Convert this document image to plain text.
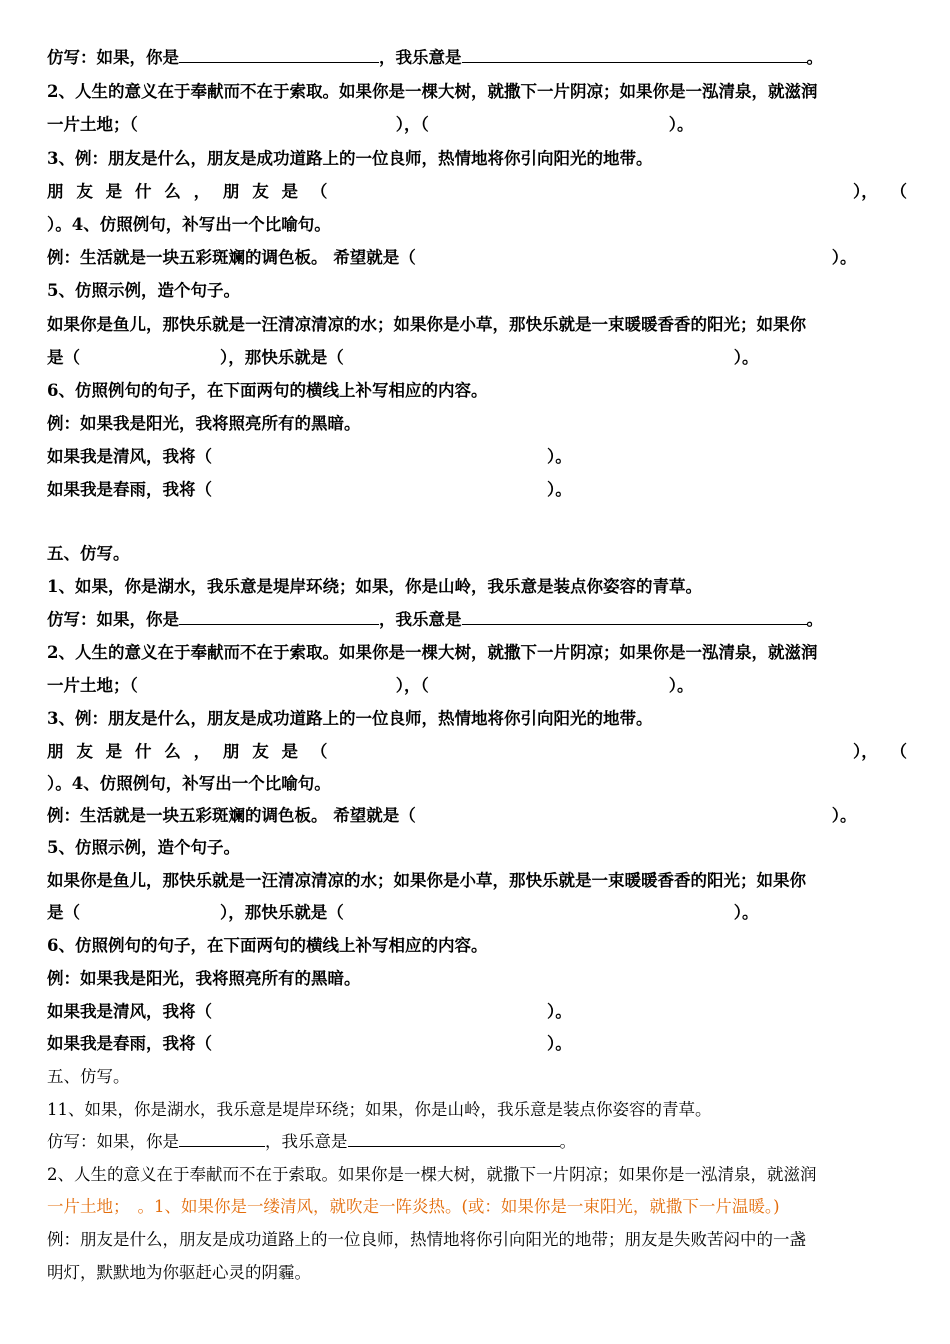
仿写：如果，你是	，我乐意是	。
2、人生的意义在于奉献而不在于索取。如果你是一棵大树，就撒下一片阴凉；如果你是一泓清泉，就滋润
一片土地；（	），（	）。
3、例：朋友是什么，朋友是成功道路上的一位良师，热情地将你引向阳光的地带。
朋 友 是 什 么 ， 朋 友 是 （	）， （
）。4、仿照例句，补写出一个比喻句。
例：生活就是一块五彩斑斓的调色板。 希望就是（	）。
5、仿照示例，造个句子。
如果你是鱼儿，那快乐就是一汪清凉清凉的水；如果你是小草，那快乐就是一束暖暖香香的阳光；如果你
是（	），那快乐就是（	）。
6、仿照例句的句子，在下面两句的横线上补写相应的内容。
例：如果我是阳光，我将照亮所有的黑暗。
如果我是清风，我将（	）。
如果我是春雨，我将（	）。
五、仿写。
1、如果，你是湖水，我乐意是堤岸环绕；如果，你是山岭，我乐意是装点你姿容的青草。
仿写：如果，你是	，我乐意是	。
2、人生的意义在于奉献而不在于索取。如果你是一棵大树，就撒下一片阴凉；如果你是一泓清泉，就滋润
一片土地；（	），（	）。
3、例：朋友是什么，朋友是成功道路上的一位良师，热情地将你引向阳光的地带。
朋 友 是 什 么 ， 朋 友 是 （	）， （
）。4、仿照例句，补写出一个比喻句。
例：生活就是一块五彩斑斓的调色板。 希望就是（	）。
5、仿照示例，造个句子。
如果你是鱼儿，那快乐就是一汪清凉清凉的水；如果你是小草，那快乐就是一束暖暖香香的阳光；如果你
是（	），那快乐就是（	）。
6、仿照例句的句子，在下面两句的横线上补写相应的内容。
例：如果我是阳光，我将照亮所有的黑暗。
如果我是清风，我将（	）。
如果我是春雨，我将（	）。
五、仿写。
11、如果，你是湖水，我乐意是堤岸环绕；如果，你是山岭，我乐意是装点你姿容的青草。
仿写：如果，你是	，我乐意是	。
2、人生的意义在于奉献而不在于索取。如果你是一棵大树，就撒下一片阴凉；如果你是一泓清泉，就滋润
一片土地； 。1、如果你是一缕清风，就吹走一阵炎热。(或：如果你是一束阳光，就撒下一片温暖。)
例：朋友是什么，朋友是成功道路上的一位良师，热情地将你引向阳光的地带；朋友是失败苦闷中的一盏
明灯，默默地为你驱赶心灵的阴霾。
